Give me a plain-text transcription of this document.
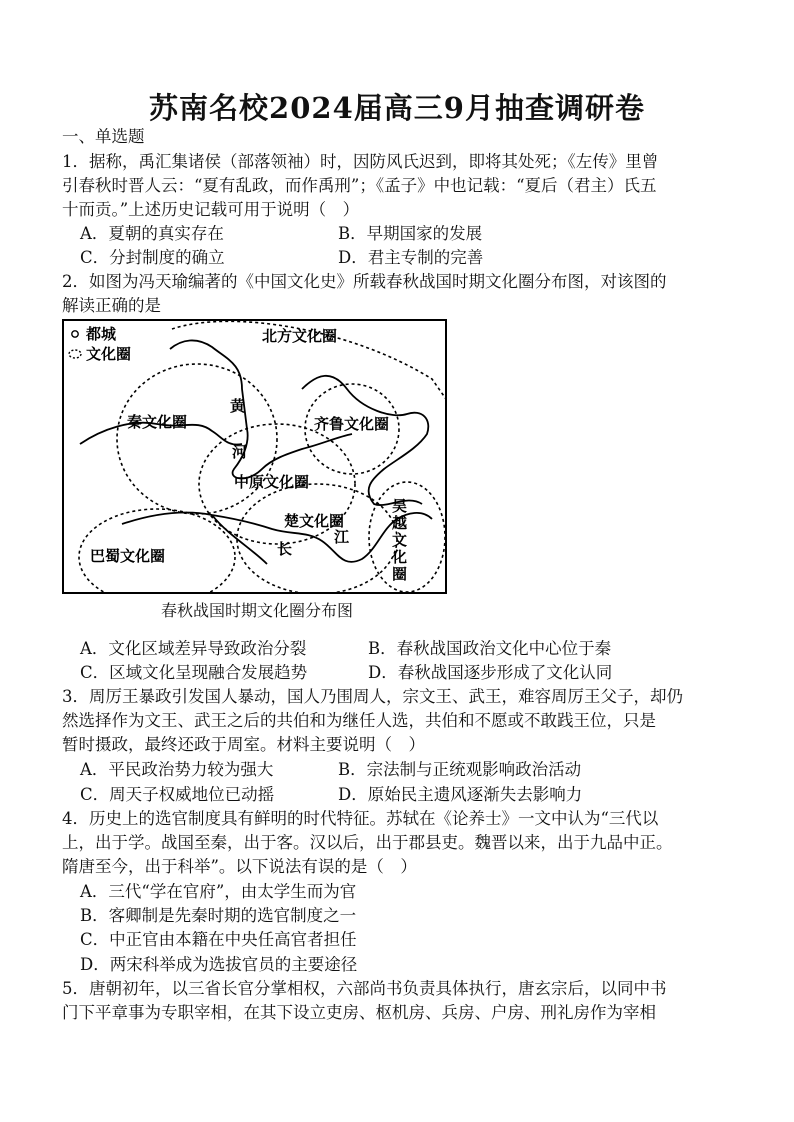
苏南名校2024届高三9月抽查调研卷
一、单选题
1．据称，禹汇集诸侯（部落领袖）时，因防风氏迟到，即将其处死；《左传》里曾
引春秋时晋人云：“夏有乱政，而作禹刑”；《孟子》中也记载：“夏后（君主）氏五
十而贡。”上述历史记载可用于说明（　）
A．夏朝的真实存在	B．早期国家的发展
C．分封制度的确立	D．君主专制的完善
2．如图为冯天瑜编著的《中国文化史》所载春秋战国时期文化圈分布图，对该图的
解读正确的是
都城
文化圈
北方文化圈
秦文化圈	齐鲁文化圈
中原文化圈
楚文化圈
巴蜀文化圈
黄
河
长
江
吴
越
文
化
圈
春秋战国时期文化圈分布图
A．文化区域差异导致政治分裂	B．春秋战国政治文化中心位于秦
C．区域文化呈现融合发展趋势	D．春秋战国逐步形成了文化认同
3．周厉王暴政引发国人暴动，国人乃围周人，宗文王、武王，难容周厉王父子，却仍
然选择作为文王、武王之后的共伯和为继任人选，共伯和不愿或不敢践王位，只是
暂时摄政，最终还政于周室。材料主要说明（　）
A．平民政治势力较为强大	B．宗法制与正统观影响政治活动
C．周天子权威地位已动摇	D．原始民主遗风逐渐失去影响力
4．历史上的选官制度具有鲜明的时代特征。苏轼在《论养士》一文中认为“三代以
上，出于学。战国至秦，出于客。汉以后，出于郡县吏。魏晋以来，出于九品中正。
隋唐至今，出于科举”。以下说法有误的是（　）
A．三代“学在官府”，由太学生而为官
B．客卿制是先秦时期的选官制度之一
C．中正官由本籍在中央任高官者担任
D．两宋科举成为选拔官员的主要途径
5．唐朝初年，以三省长官分掌相权，六部尚书负责具体执行，唐玄宗后，以同中书
门下平章事为专职宰相，在其下设立吏房、枢机房、兵房、户房、刑礼房作为宰相
